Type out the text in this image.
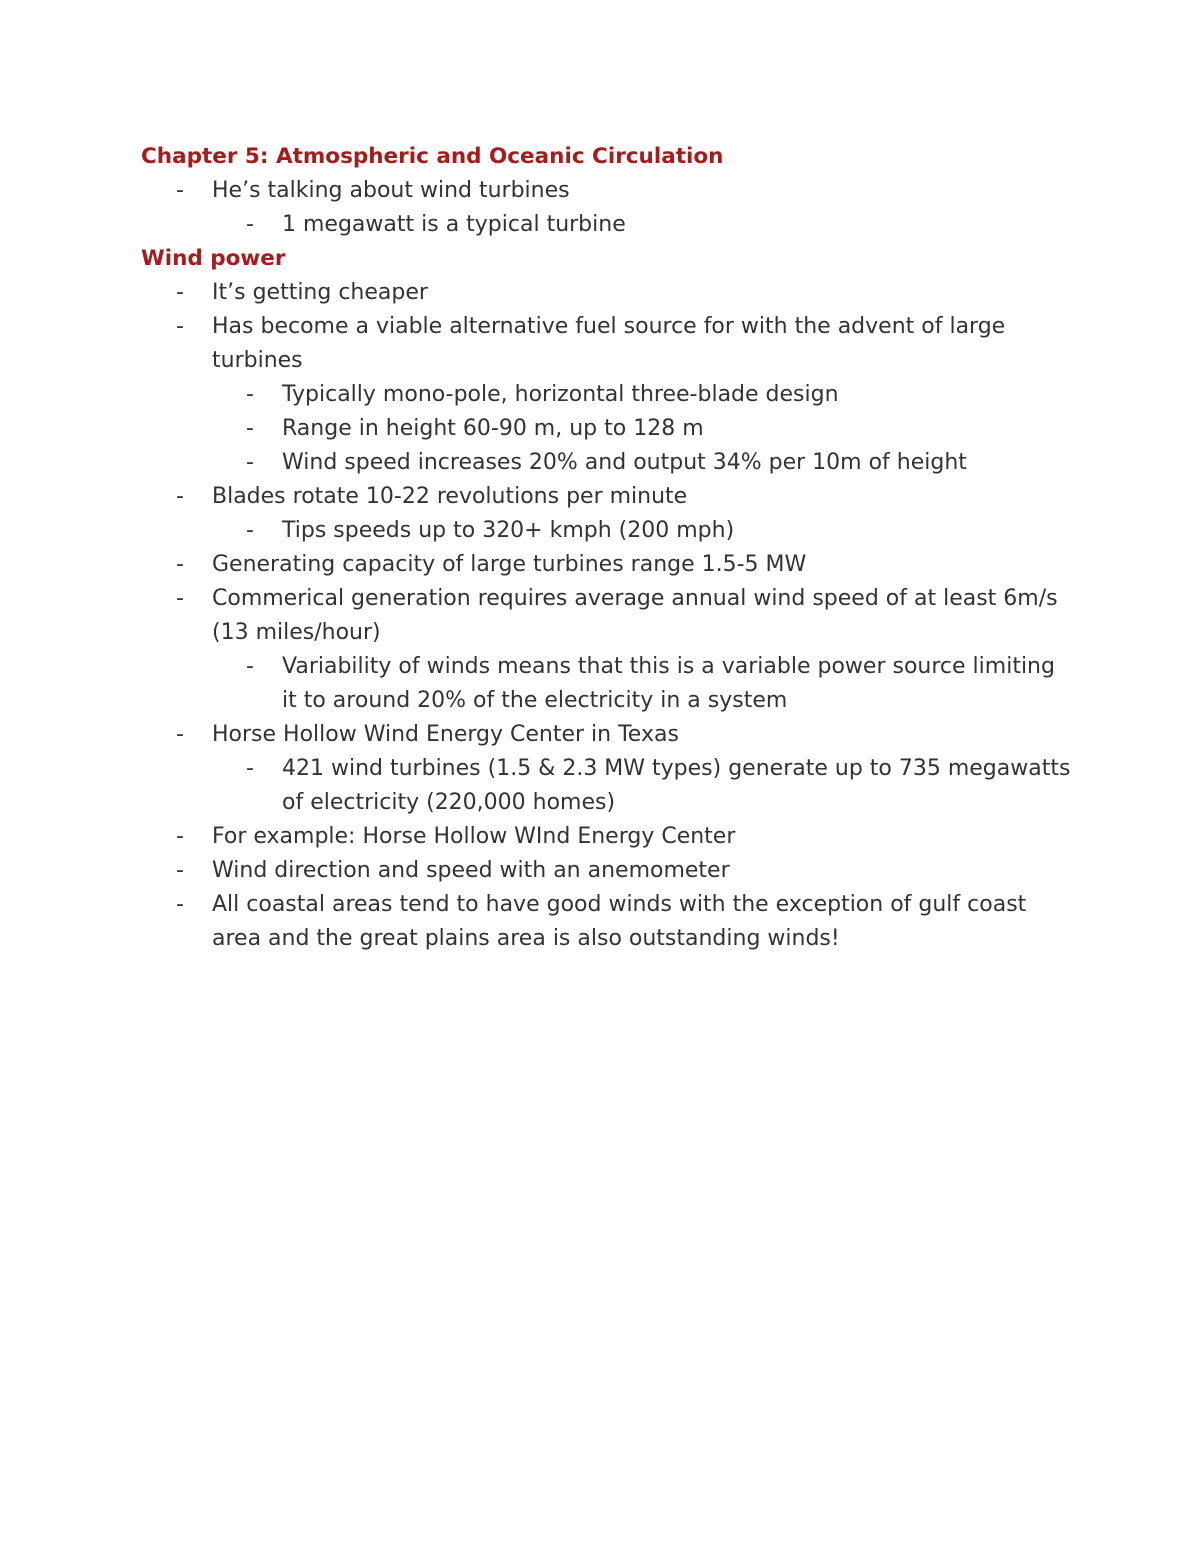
Chapter 5: Atmospheric and Oceanic Circulation
- He’s talking about wind turbines
- 1 megawatt is a typical turbine
Wind power
- It’s getting cheaper
- Has become a viable alternative fuel source for with the advent of large turbines
- Typically mono-pole, horizontal three-blade design
- Range in height 60-90 m, up to 128 m
- Wind speed increases 20% and output 34% per 10m of height
- Blades rotate 10-22 revolutions per minute
- Tips speeds up to 320+ kmph (200 mph)
- Generating capacity of large turbines range 1.5-5 MW
- Commerical generation requires average annual wind speed of at least 6m/s (13 miles/hour)
- Variability of winds means that this is a variable power source limiting it to around 20% of the electricity in a system
- Horse Hollow Wind Energy Center in Texas
- 421 wind turbines (1.5 & 2.3 MW types) generate up to 735 megawatts of electricity (220,000 homes)
- For example: Horse Hollow WInd Energy Center
- Wind direction and speed with an anemometer
- All coastal areas tend to have good winds with the exception of gulf coast area and the great plains area is also outstanding winds!
